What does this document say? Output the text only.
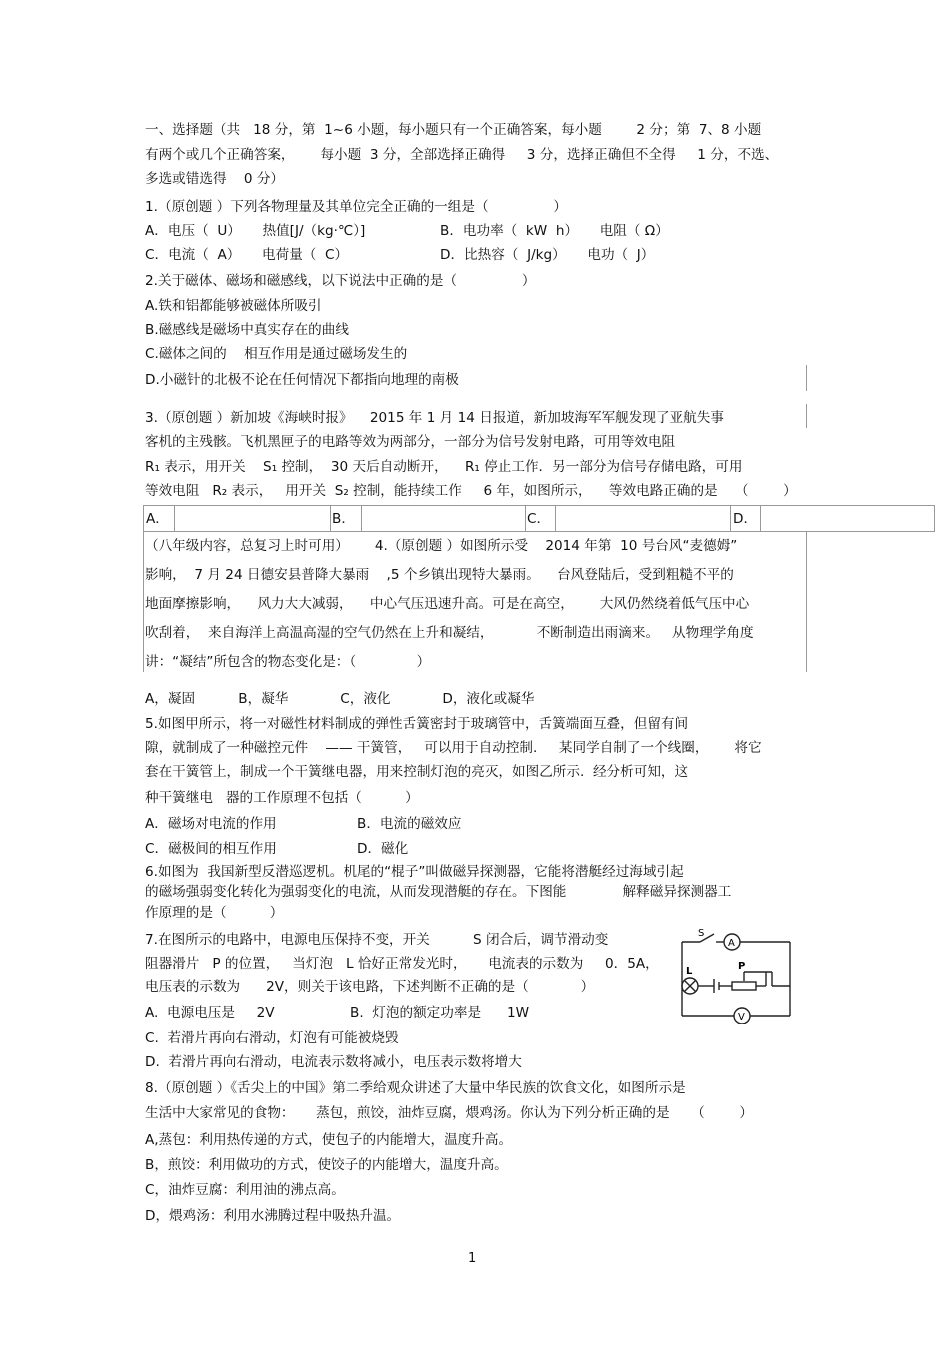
一、选择题（共   18 分，第  1~6 小题，每小题只有一个正确答案，每小题        2 分；第  7、8 小题
有两个或几个正确答案，      每小题  3 分，全部选择正确得     3 分，选择正确但不全得     1 分，不选、
多选或错选得    0 分）
1.（原创题 ）下列各物理量及其单位完全正确的一组是（               ）
A．电压（  U）     热值[J/（kg·℃）]	B．电功率（  kW  h）     电阻（ Ω）
C．电流（  A）     电荷量（  C）	D．比热容（  J/kg）     电功（  J）
2.关于磁体、磁场和磁感线，以下说法中正确的是（               ）
A.铁和铝都能够被磁体所吸引
B.磁感线是磁场中真实存在的曲线
C.磁体之间的    相互作用是通过磁场发生的
D.小磁针的北极不论在任何情况下都指向地理的南极
3.（原创题 ）新加坡《海峡时报》    2015 年 1 月 14 日报道，新加坡海军军舰发现了亚航失事
客机的主残骸。飞机黑匣子的电路等效为两部分，一部分为信号发射电路，可用等效电阻
R₁ 表示，用开关    S₁ 控制，  30 天后自动断开，    R₁ 停止工作．另一部分为信号存储电路，可用
等效电阻   R₂ 表示，   用开关  S₂ 控制，能持续工作     6 年，如图所示，    等效电路正确的是    （        ）
A．	B．	C．	D．
（八年级内容，总复习上时可用）      4.（原创题 ）如图所示受    2014 年第  10 号台风“麦德姆”
影响，  7 月 24 日德安县普降大暴雨    ,5 个乡镇出现特大暴雨。    台风登陆后，受到粗糙不平的
地面摩擦影响，    风力大大减弱，    中心气压迅速升高。可是在高空，      大风仍然绕着低气压中心
吹刮着，  来自海洋上高温高湿的空气仍然在上升和凝结，          不断制造出雨滴来。   从物理学角度
讲：“凝结”所包含的物态变化是：（              ）
A，凝固          B，凝华            C，液化            D，液化或凝华
5.如图甲所示，将一对磁性材料制成的弹性舌簧密封于玻璃管中，舌簧端面互叠，但留有间
隙，就制成了一种磁控元件    —— 干簧管，   可以用于自动控制.     某同学自制了一个线圈，      将它
套在干簧管上，制成一个干簧继电器，用来控制灯泡的亮灭，如图乙所示.  经分析可知，这
种干簧继电   器的工作原理不包括（          ）
A．磁场对电流的作用	B．电流的磁效应
C．磁极间的相互作用	D．磁化
6.如图为  我国新型反潜巡逻机。机尾的“棍子”叫做磁异探测器，它能将潜艇经过海域引起
的磁场强弱变化转化为强弱变化的电流，从而发现潜艇的存在。下图能             解释磁异探测器工
作原理的是（          ）
7.在图所示的电路中，电源电压保持不变，开关          S 闭合后，调节滑动变
阻器滑片   P 的位置，   当灯泡   L 恰好正常发光时，     电流表的示数为     0．5A，
电压表的示数为      2V，则关于该电路，下述判断不正确的是（            ）
A.  电源电压是     2V	B.  灯泡的额定功率是      1W
C.  若滑片再向右滑动，灯泡有可能被烧毁
D.  若滑片再向右滑动，电流表示数将减小，电压表示数将增大
S
A
L	P
V
8.（原创题 ）《舌尖上的中国》第二季给观众讲述了大量中华民族的饮食文化，如图所示是
生活中大家常见的食物：     蒸包，煎饺，油炸豆腐，煨鸡汤。你认为下列分析正确的是     （        ）
A,蒸包：利用热传递的方式，使包子的内能增大，温度升高。
B，煎饺：利用做功的方式，使饺子的内能增大，温度升高。
C，油炸豆腐：利用油的沸点高。
D，煨鸡汤：利用水沸腾过程中吸热升温。
1
